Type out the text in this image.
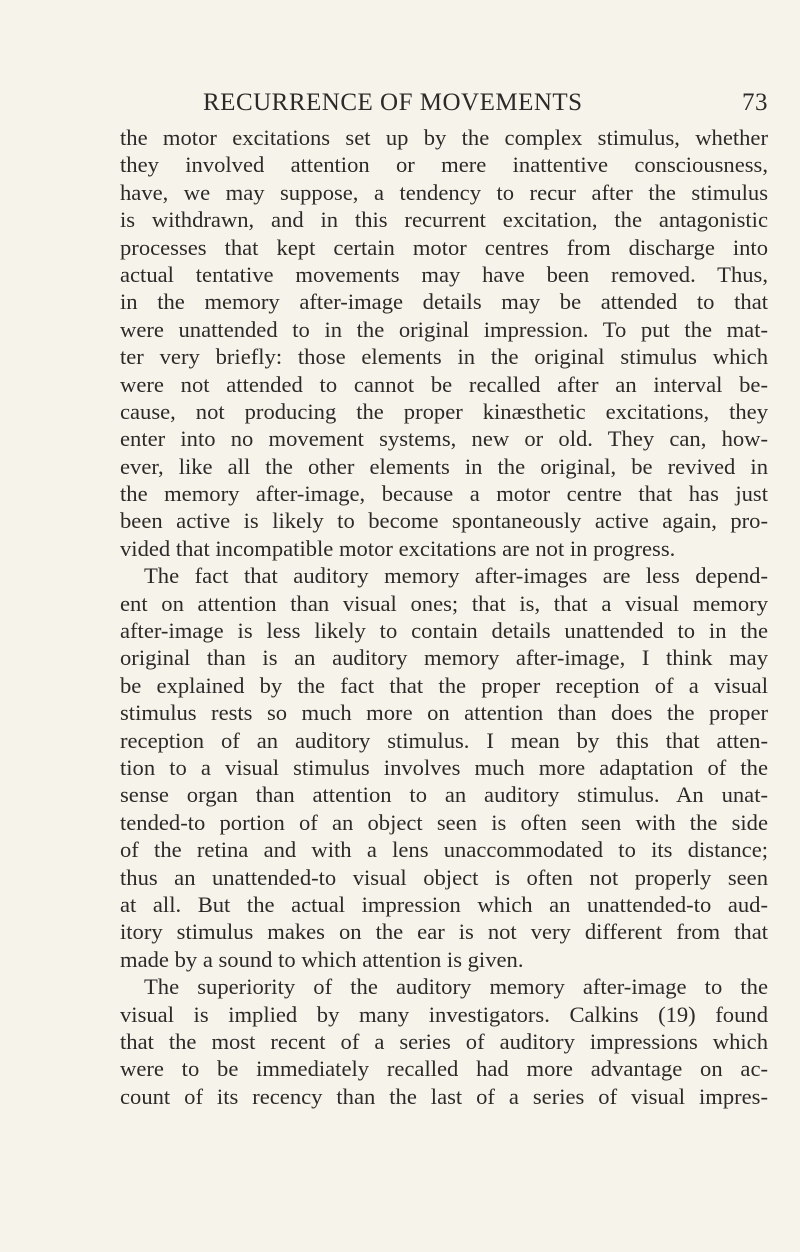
RECURRENCE OF MOVEMENTS	73
the motor excitations set up by the complex stimulus, whether
they involved attention or mere inattentive consciousness,
have, we may suppose, a tendency to recur after the stimulus
is withdrawn, and in this recurrent excitation, the antagonistic
processes that kept certain motor centres from discharge into
actual tentative movements may have been removed. Thus,
in the memory after-image details may be attended to that
were unattended to in the original impression. To put the mat-
ter very briefly: those elements in the original stimulus which
were not attended to cannot be recalled after an interval be-
cause, not producing the proper kinæsthetic excitations, they
enter into no movement systems, new or old. They can, how-
ever, like all the other elements in the original, be revived in
the memory after-image, because a motor centre that has just
been active is likely to become spontaneously active again, pro-
vided that incompatible motor excitations are not in progress.
The fact that auditory memory after-images are less depend-
ent on attention than visual ones; that is, that a visual memory
after-image is less likely to contain details unattended to in the
original than is an auditory memory after-image, I think may
be explained by the fact that the proper reception of a visual
stimulus rests so much more on attention than does the proper
reception of an auditory stimulus. I mean by this that atten-
tion to a visual stimulus involves much more adaptation of the
sense organ than attention to an auditory stimulus. An unat-
tended-to portion of an object seen is often seen with the side
of the retina and with a lens unaccommodated to its distance;
thus an unattended-to visual object is often not properly seen
at all. But the actual impression which an unattended-to aud-
itory stimulus makes on the ear is not very different from that
made by a sound to which attention is given.
The superiority of the auditory memory after-image to the
visual is implied by many investigators. Calkins (19) found
that the most recent of a series of auditory impressions which
were to be immediately recalled had more advantage on ac-
count of its recency than the last of a series of visual impres-
